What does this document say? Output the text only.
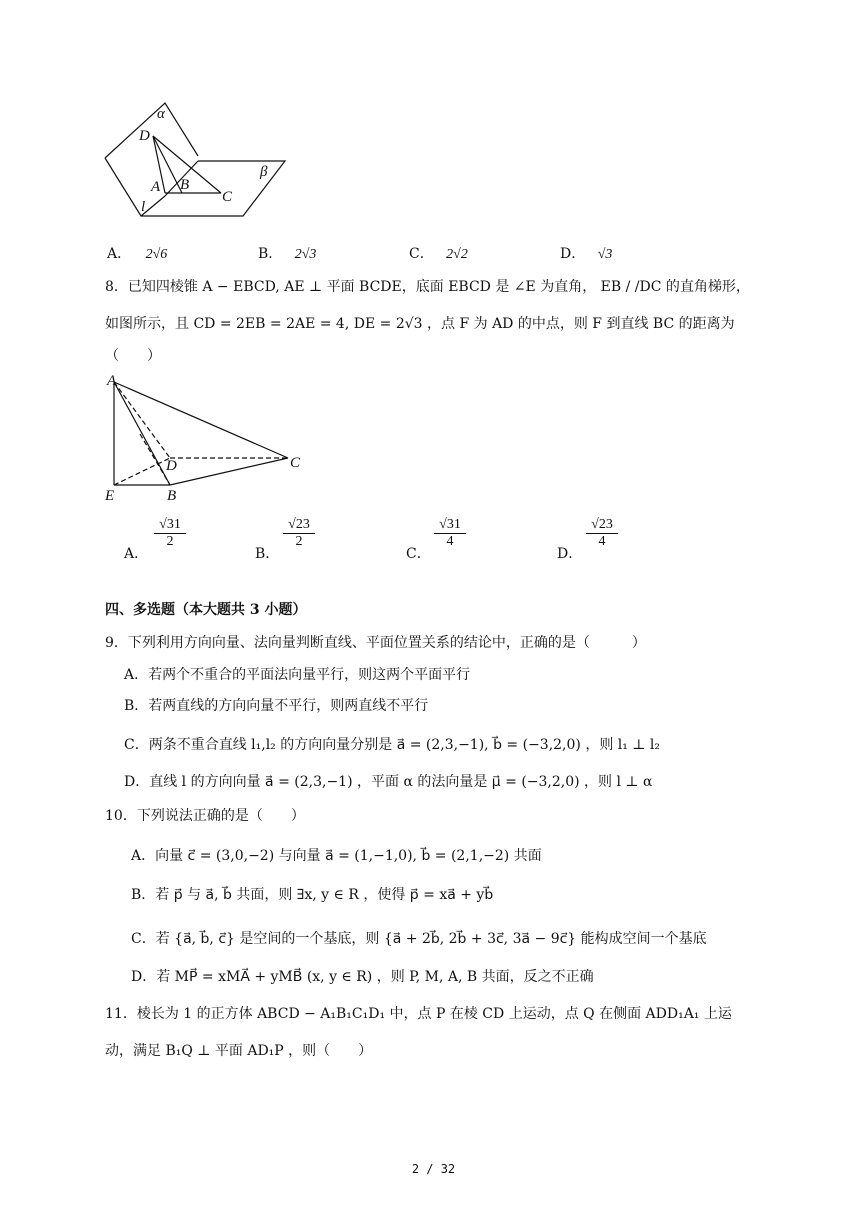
α
D
β
A B
C
l
A． 2√6	B． 2√3	C． 2√2	D． √3
8．已知四棱锥 A − EBCD, AE ⊥ 平面 BCDE，底面 EBCD 是 ∠E 为直角， EB / /DC 的直角梯形，
如图所示，且 CD = 2EB = 2AE = 4, DE = 2√3 ，点 F 为 AD 的中点，则 F 到直线 BC 的距离为
（　　）
A
D	C
E	B
A．
$\frac{√31}{2}$
B．
$\frac{√23}{2}$
C．
$\frac{√31}{4}$
D．
$\frac{√23}{4}$
四、多选题（本大题共 3 小题）
9．下列利用方向向量、法向量判断直线、平面位置关系的结论中，正确的是（　　　）
A．若两个不重合的平面法向量平行，则这两个平面平行
B．若两直线的方向向量不平行，则两直线不平行
C．两条不重合直线 l₁,l₂ 的方向向量分别是 a⃗ = (2,3,−1), b⃗ = (−3,2,0) ，则 l₁ ⊥ l₂
D．直线 l 的方向向量 a⃗ = (2,3,−1) ，平面 α 的法向量是 μ⃗ = (−3,2,0) ，则 l ⊥ α
10．下列说法正确的是（　　）
A．向量 c⃗ = (3,0,−2) 与向量 a⃗ = (1,−1,0), b⃗ = (2,1,−2) 共面
B．若 p⃗ 与 a⃗, b⃗ 共面，则 ∃x, y ∈ R ，使得 p⃗ = xa⃗ + yb⃗
C．若 {a⃗, b⃗, c⃗} 是空间的一个基底，则 {a⃗ + 2b⃗, 2b⃗ + 3c⃗, 3a⃗ − 9c⃗} 能构成空间一个基底
D．若 MP⃗ = xMA⃗ + yMB⃗ (x, y ∈ R) ，则 P, M, A, B 共面，反之不正确
11．棱长为 1 的正方体 ABCD − A₁B₁C₁D₁ 中，点 P 在棱 CD 上运动，点 Q 在侧面 ADD₁A₁ 上运
动，满足 B₁Q ⊥ 平面 AD₁P ，则（　　）
2 / 32
